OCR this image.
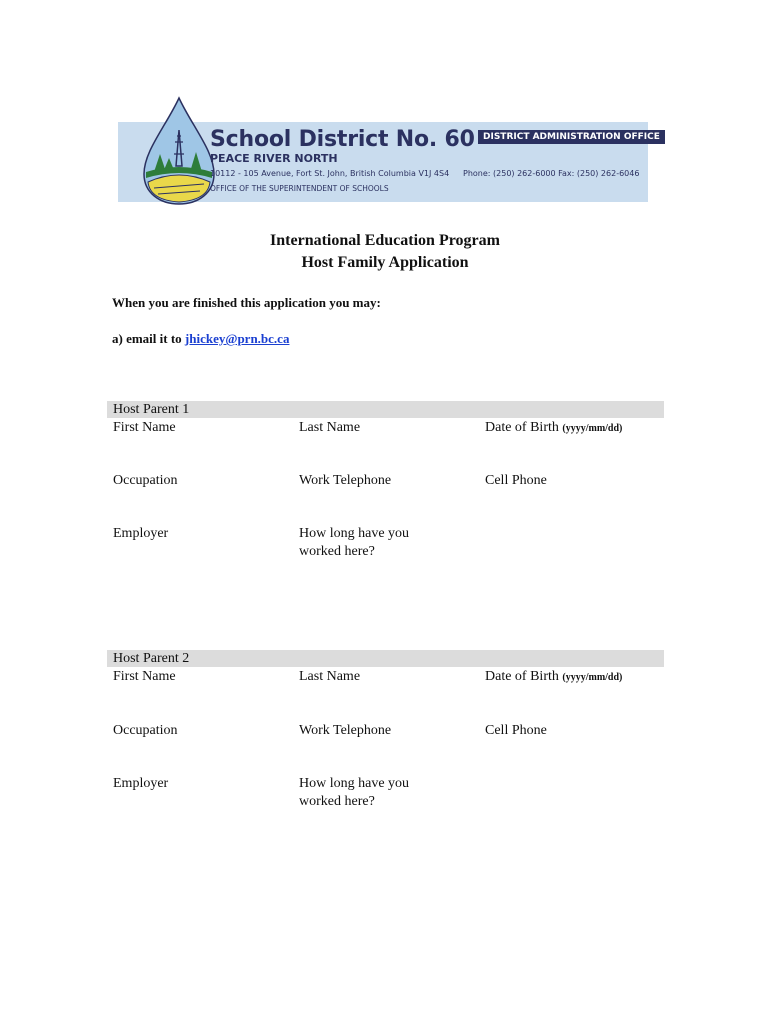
School District No. 60
PEACE RIVER NORTH
10112 - 105 Avenue, Fort St. John, British Columbia V1J 4S4
OFFICE OF THE SUPERINTENDENT OF SCHOOLS
DISTRICT ADMINISTRATION OFFICE
Phone: (250) 262-6000 Fax: (250) 262-6046
International Education Program
Host Family Application
When you are finished this application you may:
a) email it to jhickey@prn.bc.ca
Host Parent 1
First Name	Last Name	Date of Birth (yyyy/mm/dd)
Occupation	Work Telephone	Cell Phone
Employer	How long have you
worked here?
Host Parent 2
First Name	Last Name	Date of Birth (yyyy/mm/dd)
Occupation	Work Telephone	Cell Phone
Employer	How long have you
worked here?
